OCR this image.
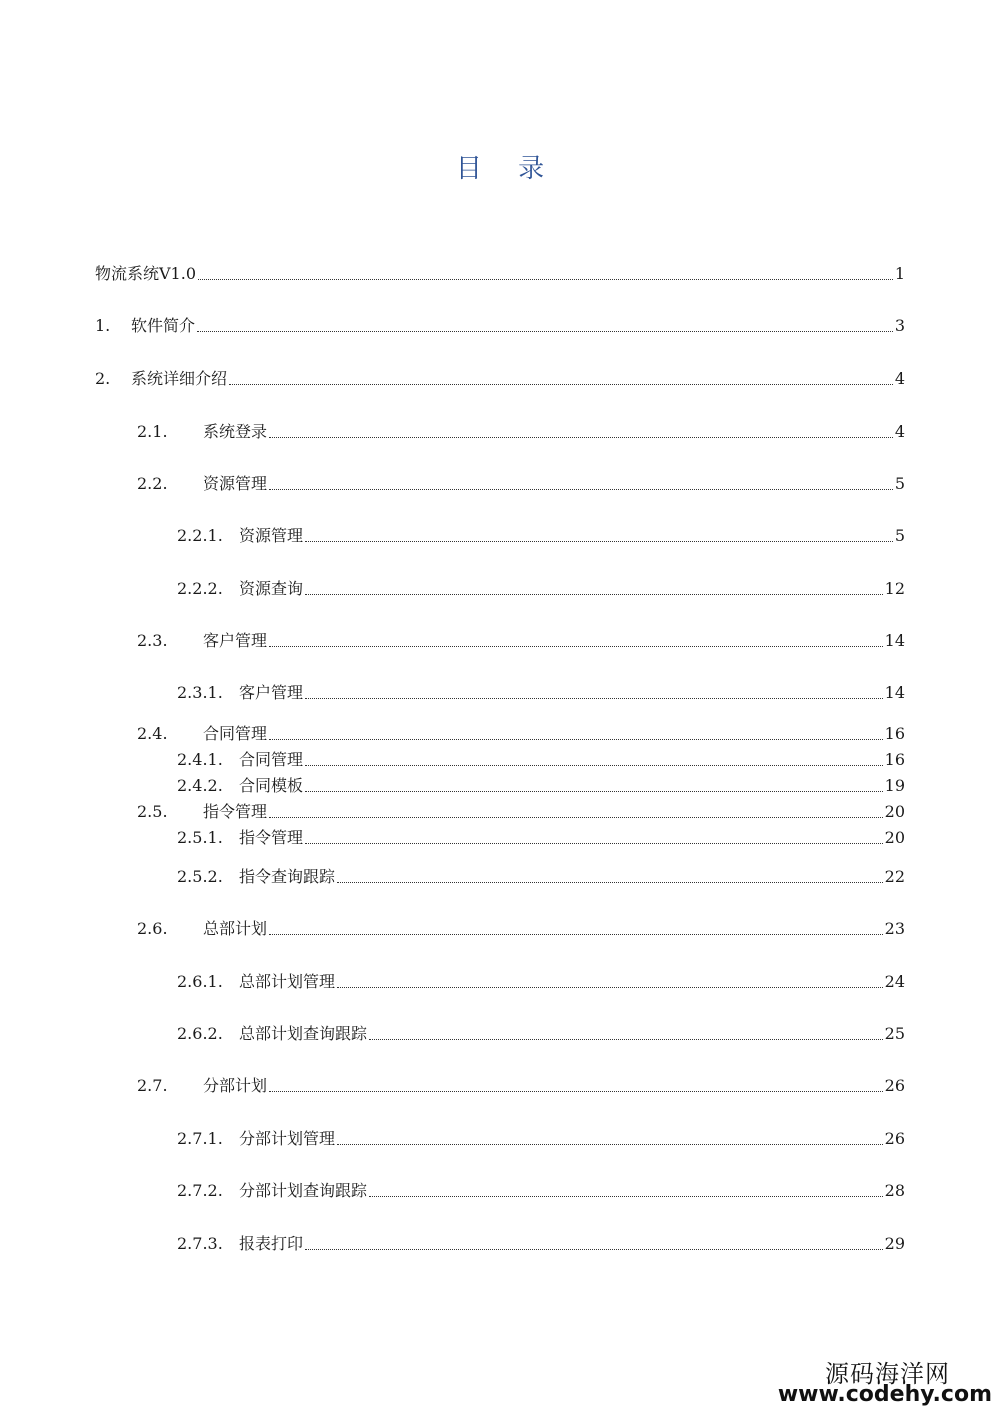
目 录
物流系统V1.0	1
1.	软件简介	3
2.	系统详细介绍	4
2.1.	系统登录	4
2.2.	资源管理	5
2.2.1.	资源管理	5
2.2.2.	资源查询	12
2.3.	客户管理	14
2.3.1.	客户管理	14
2.4.	合同管理	16
2.4.1.	合同管理	16
2.4.2.	合同模板	19
2.5.	指令管理	20
2.5.1.	指令管理	20
2.5.2.	指令查询跟踪	22
2.6.	总部计划	23
2.6.1.	总部计划管理	24
2.6.2.	总部计划查询跟踪	25
2.7.	分部计划	26
2.7.1.	分部计划管理	26
2.7.2.	分部计划查询跟踪	28
2.7.3.	报表打印	29
源码海洋网
www.codehy.com
